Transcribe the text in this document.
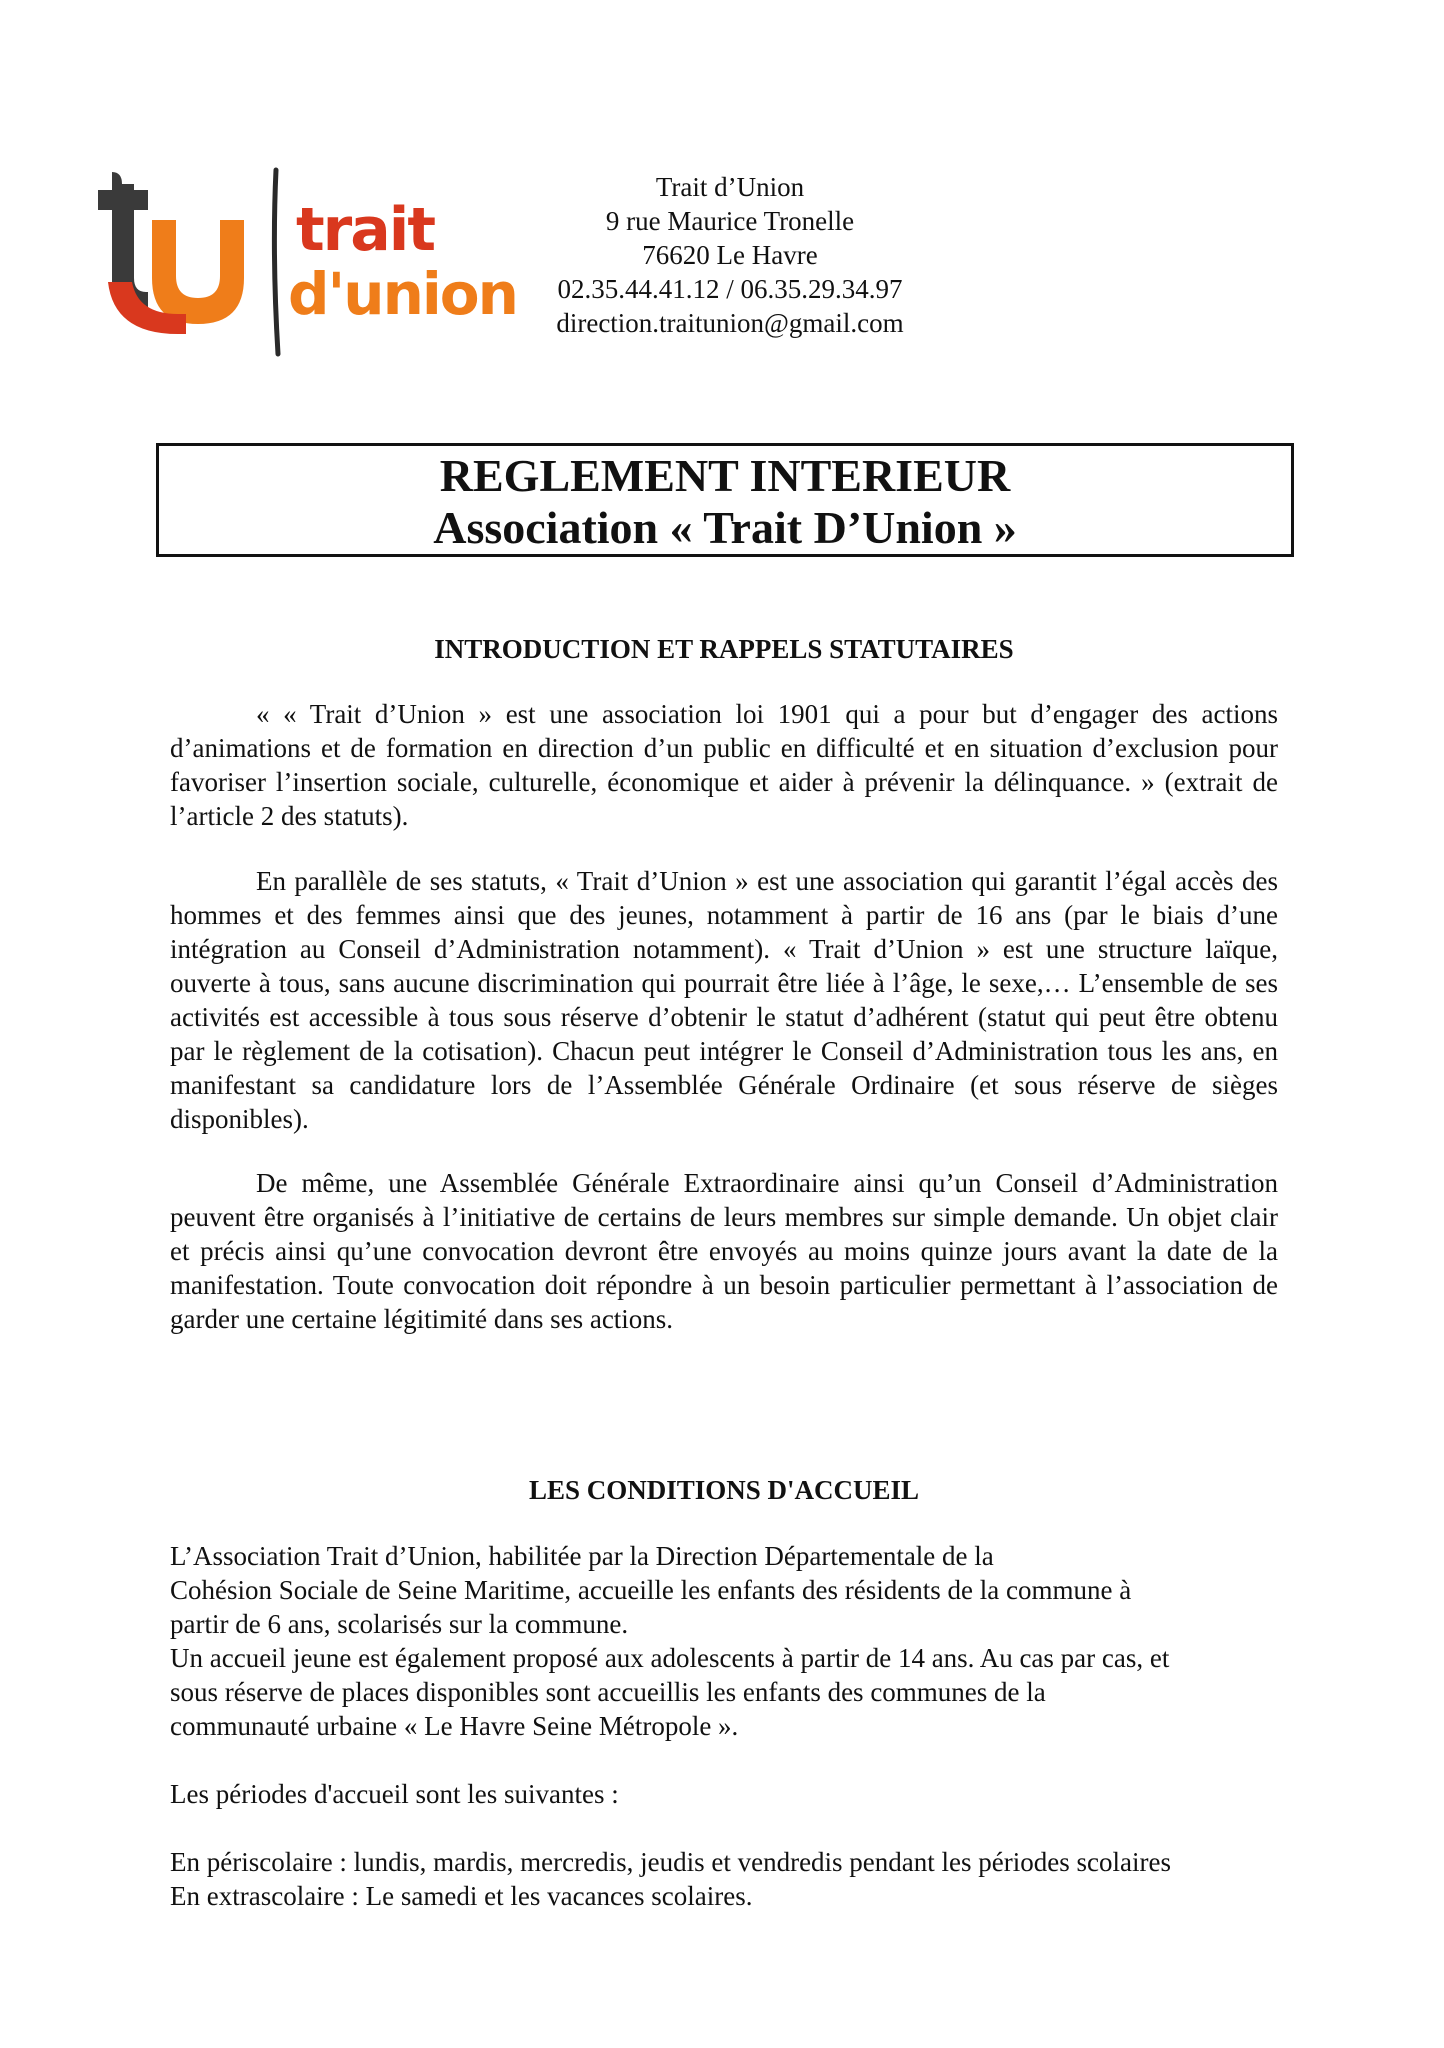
trait
d'union
Trait d’Union
9 rue Maurice Tronelle
76620 Le Havre
02.35.44.41.12 / 06.35.29.34.97
direction.traitunion@gmail.com
REGLEMENT INTERIEUR
Association « Trait D’Union »
INTRODUCTION ET RAPPELS STATUTAIRES
« « Trait d’Union » est une association loi 1901 qui a pour but d’engager des actions d’animations et de formation en direction d’un public en difficulté et en situation d’exclusion pour favoriser l’insertion sociale, culturelle, économique et aider à prévenir la délinquance. » (extrait de l’article 2 des statuts).
En parallèle de ses statuts, « Trait d’Union » est une association qui garantit l’égal accès des hommes et des femmes ainsi que des jeunes, notamment à partir de 16 ans (par le biais d’une intégration au Conseil d’Administration notamment). « Trait d’Union » est une structure laïque, ouverte à tous, sans aucune discrimination qui pourrait être liée à l’âge, le sexe,… L’ensemble de ses activités est accessible à tous sous réserve d’obtenir le statut d’adhérent (statut qui peut être obtenu par le règlement de la cotisation). Chacun peut intégrer le Conseil d’Administration tous les ans, en manifestant sa candidature lors de l’Assemblée Générale Ordinaire (et sous réserve de sièges disponibles).
De même, une Assemblée Générale Extraordinaire ainsi qu’un Conseil d’Administration peuvent être organisés à l’initiative de certains de leurs membres sur simple demande. Un objet clair et précis ainsi qu’une convocation devront être envoyés au moins quinze jours avant la date de la manifestation. Toute convocation doit répondre à un besoin particulier permettant à l’association de garder une certaine légitimité dans ses actions.
LES CONDITIONS D'ACCUEIL
L’Association Trait d’Union, habilitée par la Direction Départementale de la
Cohésion Sociale de Seine Maritime, accueille les enfants des résidents de la commune à
partir de 6 ans, scolarisés sur la commune.
Un accueil jeune est également proposé aux adolescents à partir de 14 ans. Au cas par cas, et
sous réserve de places disponibles sont accueillis les enfants des communes de la
communauté urbaine « Le Havre Seine Métropole ».
Les périodes d'accueil sont les suivantes :
En périscolaire : lundis, mardis, mercredis, jeudis et vendredis pendant les périodes scolaires
En extrascolaire : Le samedi et les vacances scolaires.
